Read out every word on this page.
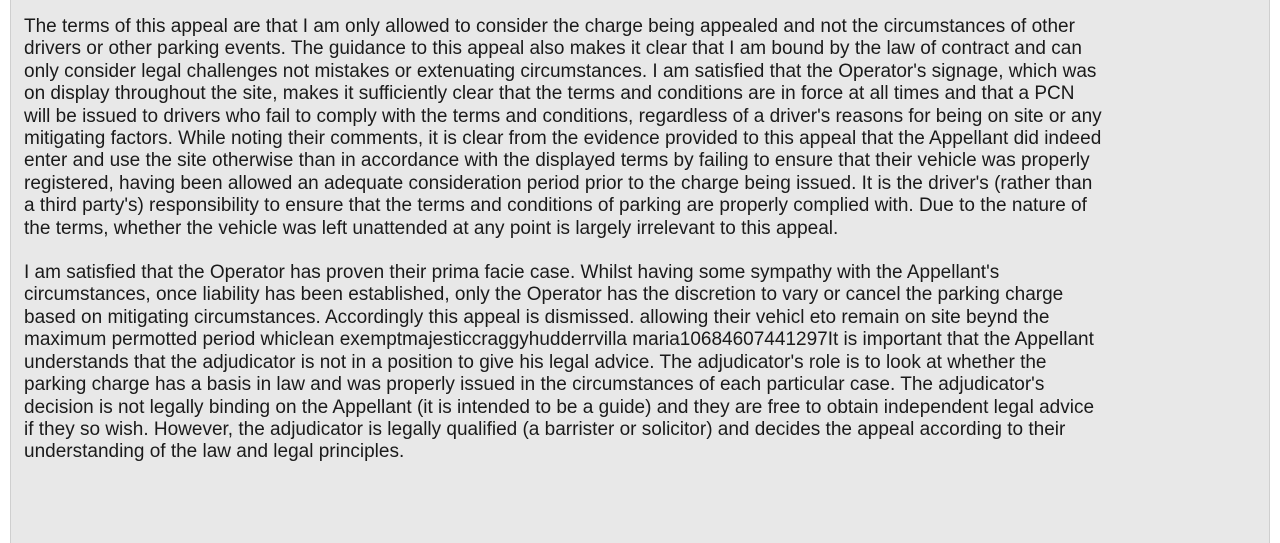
The terms of this appeal are that I am only allowed to consider the charge being appealed and not the circumstances of other
drivers or other parking events. The guidance to this appeal also makes it clear that I am bound by the law of contract and can
only consider legal challenges not mistakes or extenuating circumstances. I am satisfied that the Operator's signage, which was
on display throughout the site, makes it sufficiently clear that the terms and conditions are in force at all times and that a PCN
will be issued to drivers who fail to comply with the terms and conditions, regardless of a driver's reasons for being on site or any
mitigating factors. While noting their comments, it is clear from the evidence provided to this appeal that the Appellant did indeed
enter and use the site otherwise than in accordance with the displayed terms by failing to ensure that their vehicle was properly
registered, having been allowed an adequate consideration period prior to the charge being issued. It is the driver's (rather than
a third party's) responsibility to ensure that the terms and conditions of parking are properly complied with. Due to the nature of
the terms, whether the vehicle was left unattended at any point is largely irrelevant to this appeal.

I am satisfied that the Operator has proven their prima facie case. Whilst having some sympathy with the Appellant's
circumstances, once liability has been established, only the Operator has the discretion to vary or cancel the parking charge
based on mitigating circumstances. Accordingly this appeal is dismissed. allowing their vehicl eto remain on site beynd the
maximum permotted period whiclean exemptmajesticcraggyhudderrvilla maria10684607441297It is important that the Appellant
understands that the adjudicator is not in a position to give his legal advice. The adjudicator's role is to look at whether the
parking charge has a basis in law and was properly issued in the circumstances of each particular case. The adjudicator's
decision is not legally binding on the Appellant (it is intended to be a guide) and they are free to obtain independent legal advice
if they so wish. However, the adjudicator is legally qualified (a barrister or solicitor) and decides the appeal according to their
understanding of the law and legal principles.
